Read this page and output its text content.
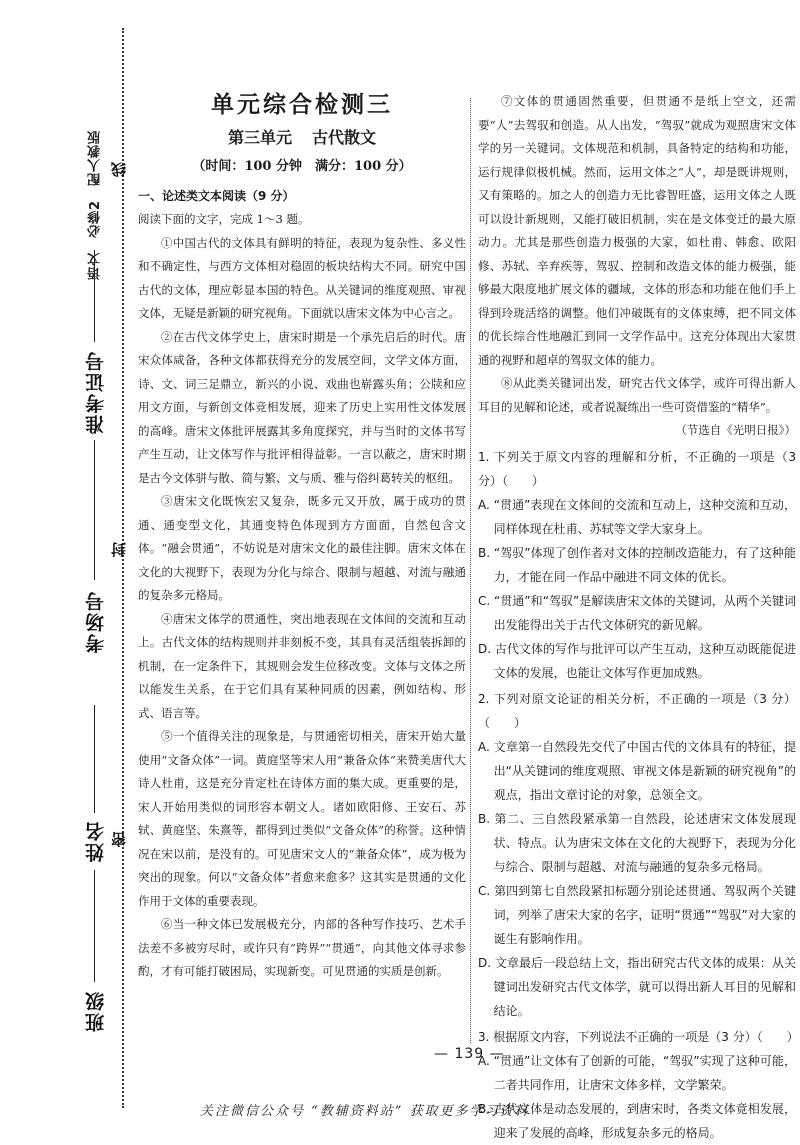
语文　必修2　配人教版
班级
姓名 密
考场号
封
准考证号
线
单元综合检测三
第三单元 古代散文
（时间：100 分钟　满分：100 分）
一、论述类文本阅读（9 分）

阅读下面的文字，完成 1～3 题。

①中国古代的文体具有鲜明的特征，表现为复杂性、多义性和不确定性，与西方文体相对稳固的板块结构大不同。研究中国古代的文体，理应彰显本国的特色。从关键词的维度观照、审视文体，无疑是新颖的研究视角。下面就以唐宋文体为中心言之。

②在古代文体学史上，唐宋时期是一个承先启后的时代。唐宋众体咸备，各种文体都获得充分的发展空间，文学文体方面，诗、文、词三足鼎立，新兴的小说、戏曲也崭露头角；公牍和应用文方面，与新创文体竞相发展，迎来了历史上实用性文体发展的高峰。唐宋文体批评展露其多角度探究，并与当时的文体书写产生互动，让文体写作与批评相得益彰。一言以蔽之，唐宋时期是古今文体骈与散、简与繁、文与质、雅与俗纠葛转关的枢纽。

③唐宋文化既恢宏又复杂，既多元又开放，属于成功的贯通、通变型文化，其通变特色体现到方方面面，自然包含文体。“融会贯通”，不妨说是对唐宋文化的最佳注脚。唐宋文体在文化的大视野下，表现为分化与综合、限制与超越、对流与融通的复杂多元格局。

④唐宋文体学的贯通性，突出地表现在文体间的交流和互动上。古代文体的结构规则并非刻板不变，其具有灵活组装拆卸的机制，在一定条件下，其规则会发生位移改变。文体与文体之所以能发生关系，在于它们具有某种同质的因素，例如结构、形式、语言等。

⑤一个值得关注的现象是，与贯通密切相关，唐宋开始大量使用“文备众体”一词。黄庭坚等宋人用“兼备众体”来赞美唐代大诗人杜甫，这是充分肯定杜在诗体方面的集大成。更重要的是，宋人开始用类似的词形容本朝文人。诸如欧阳修、王安石、苏轼、黄庭坚、朱熹等，都得到过类似“文备众体”的称誉。这种情况在宋以前，是没有的。可见唐宋文人的“兼备众体”，成为极为突出的现象。何以“文备众体”者愈来愈多？这其实是贯通的文化作用于文体的重要表现。

⑥当一种文体已发展极充分，内部的各种写作技巧、艺术手法差不多被穷尽时，或许只有“跨界”“贯通”，向其他文体寻求参酌，才有可能打破困局，实现新变。可见贯通的实质是创新。

⑦文体的贯通固然重要，但贯通不是纸上空文，还需要“人”去驾驭和创造。从人出发，“驾驭”就成为观照唐宋文体学的另一关键词。文体规范和机制，具备特定的结构和功能，运行规律似极机械。然而，运用文体之“人”，却是既讲规则，又有策略的。加之人的创造力无比睿智旺盛，运用文体之人既可以设计新规则，又能打破旧机制，实在是文体变迁的最大原动力。尤其是那些创造力极强的大家，如杜甫、韩愈、欧阳修、苏轼、辛弃疾等，驾驭、控制和改造文体的能力极强，能够最大限度地扩展文体的疆域，文体的形态和功能在他们手上得到玲珑活络的调整。他们冲破既有的文体束缚，把不同文体的优长综合性地融汇到同一文学作品中。这充分体现出大家贯通的视野和超卓的驾驭文体的能力。

⑧从此类关键词出发，研究古代文体学，或许可得出新人耳目的见解和论述，或者说凝练出一些可资借鉴的“精华”。

（节选自《光明日报》）

1. 下列关于原文内容的理解和分析，不正确的一项是（3 分）（　　）

A. “贯通”表现在文体间的交流和互动上，这种交流和互动，同样体现在杜甫、苏轼等文学大家身上。

B. “驾驭”体现了创作者对文体的控制改造能力，有了这种能力，才能在同一作品中融进不同文体的优长。

C. “贯通”和“驾驭”是解读唐宋文体的关键词，从两个关键词出发能得出关于古代文体研究的新见解。

D. 古代文体的写作与批评可以产生互动，这种互动既能促进文体的发展，也能让文体写作更加成熟。

2. 下列对原文论证的相关分析，不正确的一项是（3 分）（　　）

A. 文章第一自然段先交代了中国古代的文体具有的特征，提出“从关键词的维度观照、审视文体是新颖的研究视角”的观点，指出文章讨论的对象，总领全文。

B. 第二、三自然段紧承第一自然段，论述唐宋文体发展现状、特点。认为唐宋文体在文化的大视野下，表现为分化与综合、限制与超越、对流与融通的复杂多元格局。

C. 第四到第七自然段紧扣标题分别论述贯通、驾驭两个关键词，列举了唐宋大家的名字，证明“贯通”“驾驭”对大家的诞生有影响作用。

D. 文章最后一段总结上文，指出研究古代文体的成果：从关键词出发研究古代文体学，就可以得出新人耳目的见解和结论。

3. 根据原文内容，下列说法不正确的一项是（3 分）（　　）

A. “贯通”让文体有了创新的可能，“驾驭”实现了这种可能，二者共同作用，让唐宋文体多样，文学繁荣。

B. 古代文体是动态发展的，到唐宋时，各类文体竟相发展，迎来了发展的高峰，形成复杂多元的格局。

— 139 —
关注微信公众号 “教辅资料站” 获取更多学习资料
